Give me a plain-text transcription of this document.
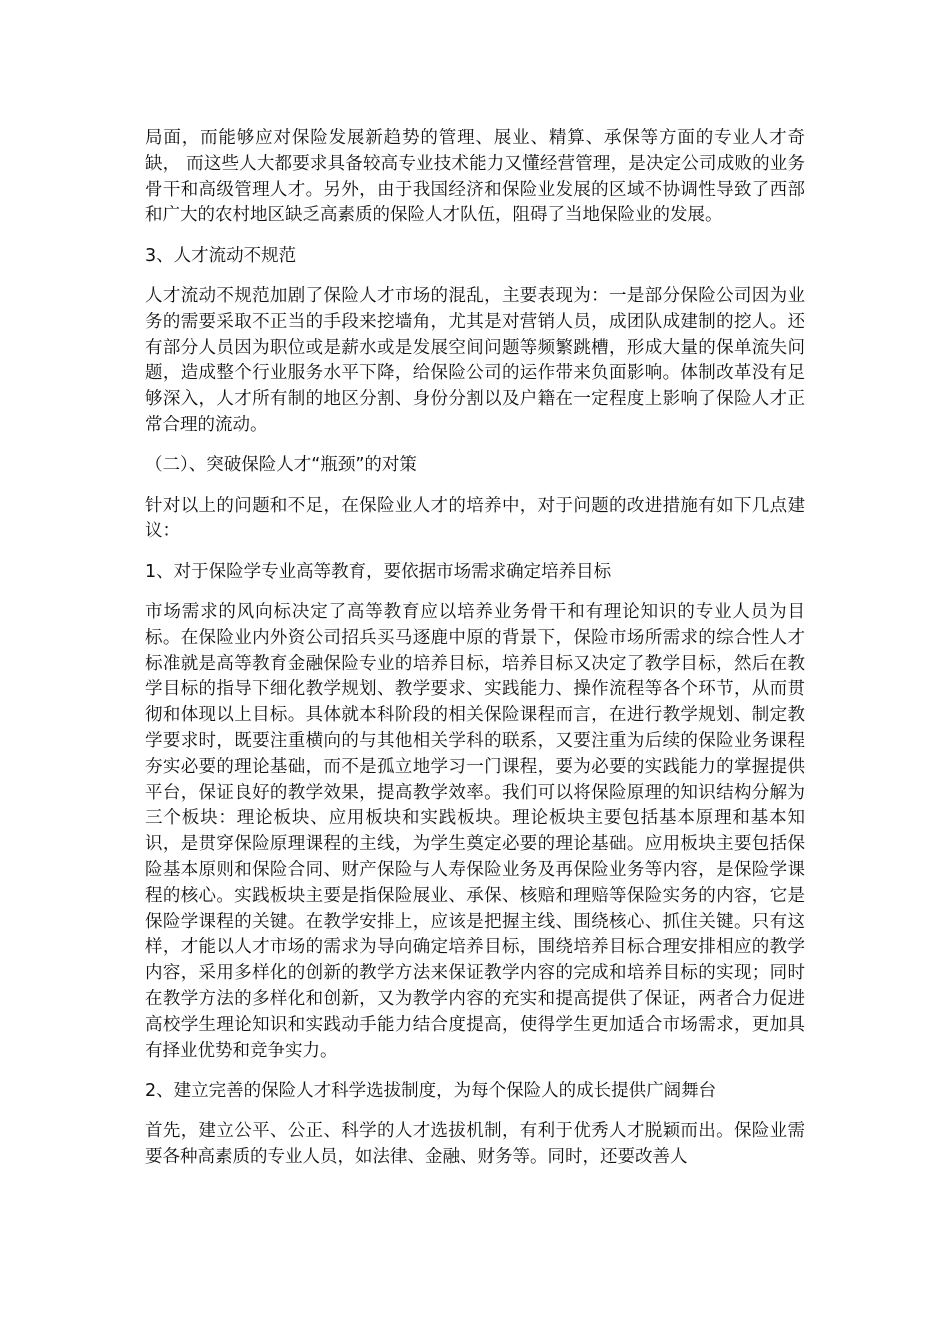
局面，而能够应对保险发展新趋势的管理、展业、精算、承保等方面的专业人才奇缺， 而这些人大都要求具备较高专业技术能力又懂经营管理，是决定公司成败的业务骨干和高级管理人才。另外，由于我国经济和保险业发展的区域不协调性导致了西部和广大的农村地区缺乏高素质的保险人才队伍，阻碍了当地保险业的发展。

3、人才流动不规范

人才流动不规范加剧了保险人才市场的混乱，主要表现为：一是部分保险公司因为业务的需要采取不正当的手段来挖墙角，尤其是对营销人员，成团队成建制的挖人。还有部分人员因为职位或是薪水或是发展空间问题等频繁跳槽，形成大量的保单流失问题，造成整个行业服务水平下降，给保险公司的运作带来负面影响。体制改革没有足够深入，人才所有制的地区分割、身份分割以及户籍在一定程度上影响了保险人才正常合理的流动。

（二）、突破保险人才“瓶颈”的对策

针对以上的问题和不足，在保险业人才的培养中，对于问题的改进措施有如下几点建议：

1、对于保险学专业高等教育，要依据市场需求确定培养目标

市场需求的风向标决定了高等教育应以培养业务骨干和有理论知识的专业人员为目标。在保险业内外资公司招兵买马逐鹿中原的背景下，保险市场所需求的综合性人才标准就是高等教育金融保险专业的培养目标，培养目标又决定了教学目标，然后在教学目标的指导下细化教学规划、教学要求、实践能力、操作流程等各个环节，从而贯彻和体现以上目标。具体就本科阶段的相关保险课程而言，在进行教学规划、制定教学要求时，既要注重横向的与其他相关学科的联系，又要注重为后续的保险业务课程夯实必要的理论基础，而不是孤立地学习一门课程，要为必要的实践能力的掌握提供平台，保证良好的教学效果，提高教学效率。我们可以将保险原理的知识结构分解为三个板块：理论板块、应用板块和实践板块。理论板块主要包括基本原理和基本知识，是贯穿保险原理课程的主线，为学生奠定必要的理论基础。应用板块主要包括保险基本原则和保险合同、财产保险与人寿保险业务及再保险业务等内容，是保险学课程的核心。实践板块主要是指保险展业、承保、核赔和理赔等保险实务的内容，它是保险学课程的关键。在教学安排上，应该是把握主线、围绕核心、抓住关键。只有这样，才能以人才市场的需求为导向确定培养目标，围绕培养目标合理安排相应的教学内容，采用多样化的创新的教学方法来保证教学内容的完成和培养目标的实现；同时在教学方法的多样化和创新，又为教学内容的充实和提高提供了保证，两者合力促进高校学生理论知识和实践动手能力结合度提高，使得学生更加适合市场需求，更加具有择业优势和竞争实力。

2、建立完善的保险人才科学选拔制度，为每个保险人的成长提供广阔舞台

首先，建立公平、公正、科学的人才选拔机制，有利于优秀人才脱颖而出。保险业需要各种高素质的专业人员，如法律、金融、财务等。同时，还要改善人
